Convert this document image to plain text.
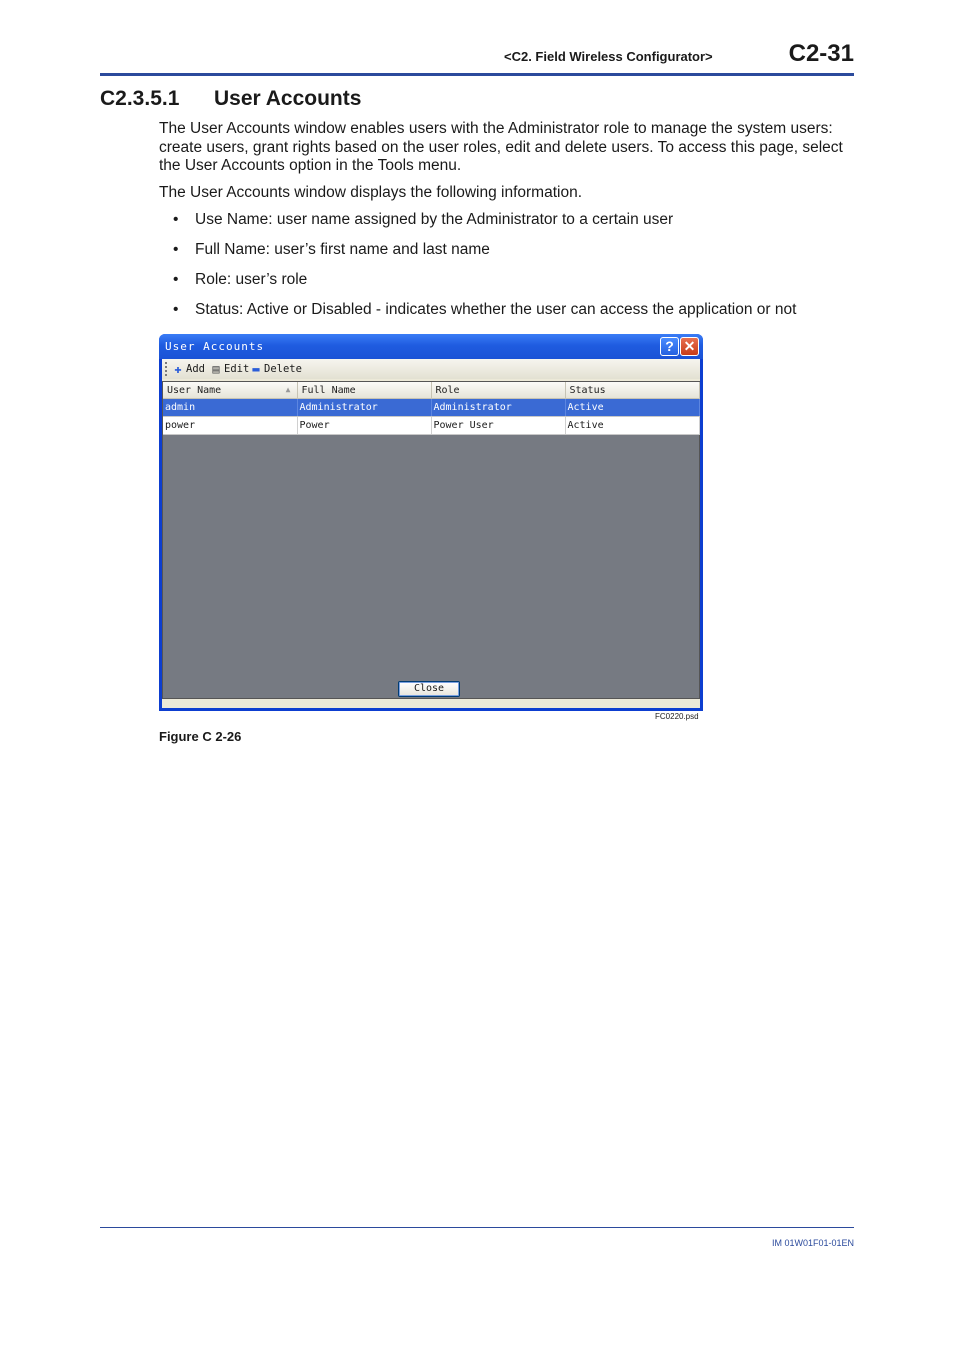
<C2. Field Wireless Configurator>	C2-31
C2.3.5.1 User Accounts
The User Accounts window enables users with the Administrator role to manage the system users: create users, grant rights based on the user roles, edit and delete users. To access this page, select the User Accounts option in the Tools menu.
The User Accounts window displays the following information.
• Use Name: user name assigned by the Administrator to a certain user
• Full Name: user’s first name and last name
• Role: user’s role
• Status: Active or Disabled - indicates whether the user can access the application or not
User Accounts	? ✕
✚ Add ▤ Edit ▬ Delete
User Name ▲	Full Name	Role	Status
admin	Administrator	Administrator	Active
power	Power	Power User	Active
Close
FC0220.psd
Figure C 2-26
IM 01W01F01-01EN
